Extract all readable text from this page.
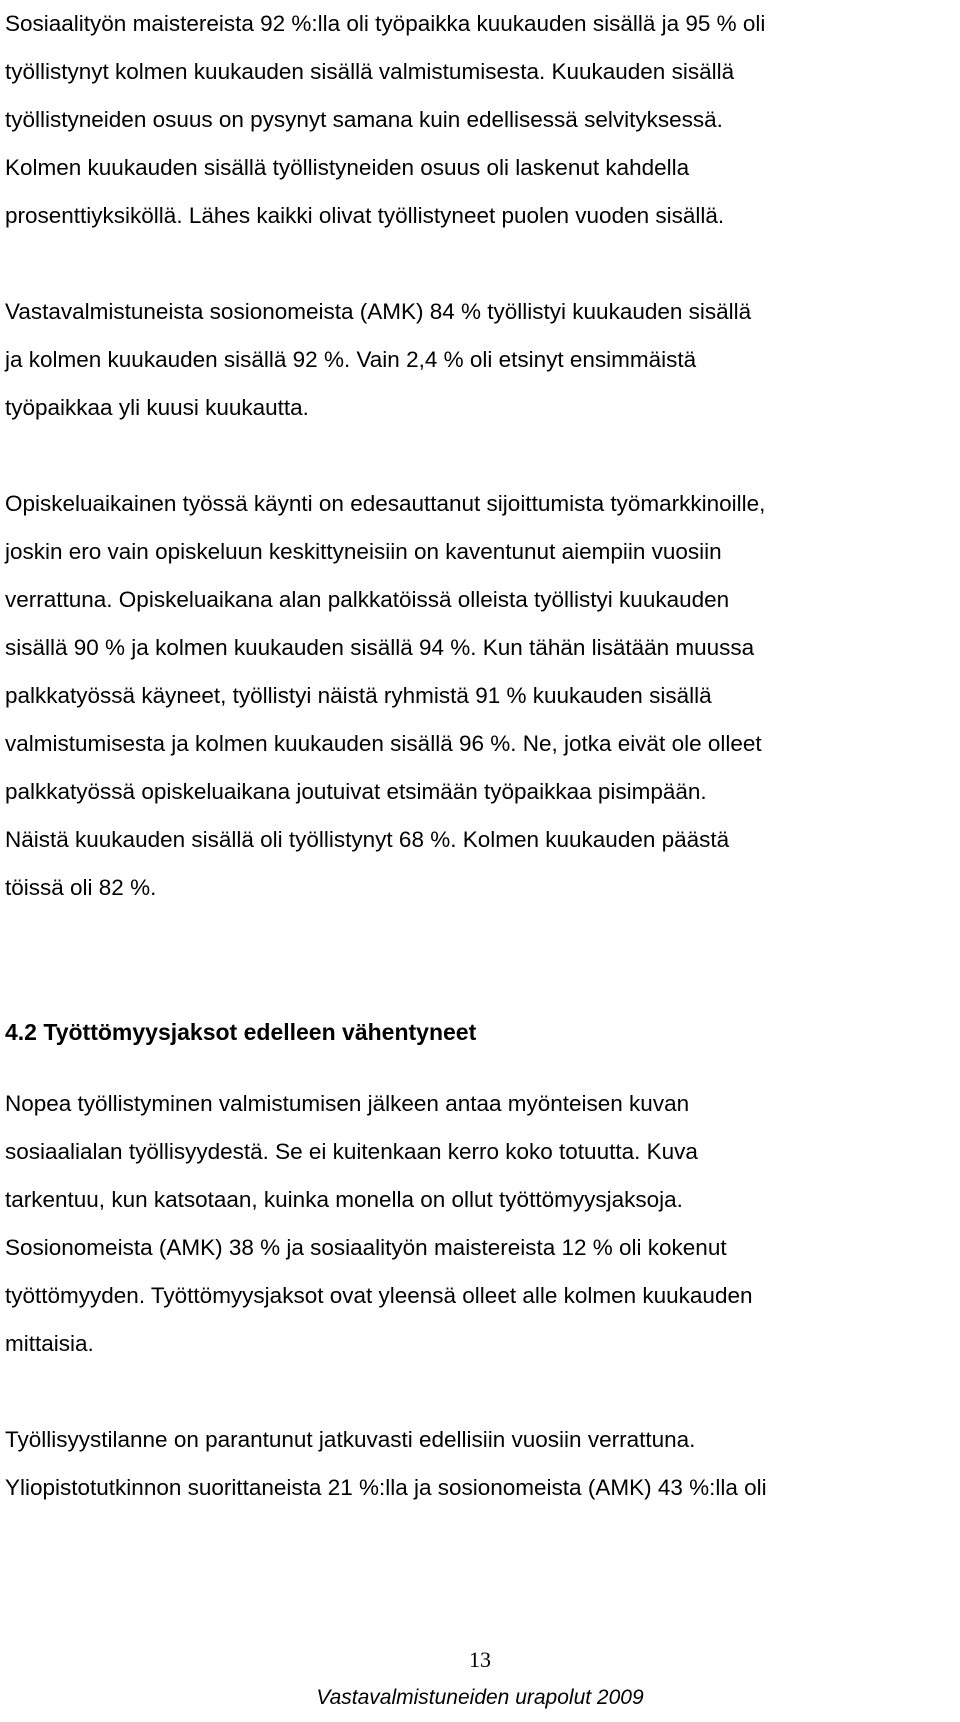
Sosiaalityön maistereista 92 %:lla oli työpaikka kuukauden sisällä ja 95 % oli

työllistynyt kolmen kuukauden sisällä valmistumisesta. Kuukauden sisällä

työllistyneiden osuus on pysynyt samana kuin edellisessä selvityksessä.

Kolmen kuukauden sisällä työllistyneiden osuus oli laskenut kahdella

prosenttiyksiköllä. Lähes kaikki olivat työllistyneet puolen vuoden sisällä.

Vastavalmistuneista sosionomeista (AMK) 84 % työllistyi kuukauden sisällä

ja kolmen kuukauden sisällä 92 %. Vain 2,4 % oli etsinyt ensimmäistä

työpaikkaa yli kuusi kuukautta.

Opiskeluaikainen työssä käynti on edesauttanut sijoittumista työmarkkinoille,

joskin ero vain opiskeluun keskittyneisiin on kaventunut aiempiin vuosiin

verrattuna. Opiskeluaikana alan palkkatöissä olleista työllistyi kuukauden

sisällä 90 % ja kolmen kuukauden sisällä 94 %. Kun tähän lisätään muussa

palkkatyössä käyneet, työllistyi näistä ryhmistä 91 % kuukauden sisällä

valmistumisesta ja kolmen kuukauden sisällä 96 %. Ne, jotka eivät ole olleet

palkkatyössä opiskeluaikana joutuivat etsimään työpaikkaa pisimpään.

Näistä kuukauden sisällä oli työllistynyt 68 %. Kolmen kuukauden päästä

töissä oli 82 %.

4.2 Työttömyysjaksot edelleen vähentyneet

Nopea työllistyminen valmistumisen jälkeen antaa myönteisen kuvan

sosiaalialan työllisyydestä. Se ei kuitenkaan kerro koko totuutta. Kuva

tarkentuu, kun katsotaan, kuinka monella on ollut työttömyysjaksoja.

Sosionomeista (AMK) 38 % ja sosiaalityön maistereista 12 % oli kokenut

työttömyyden. Työttömyysjaksot ovat yleensä olleet alle kolmen kuukauden

mittaisia.

Työllisyystilanne on parantunut jatkuvasti edellisiin vuosiin verrattuna.

Yliopistotutkinnon suorittaneista 21 %:lla ja sosionomeista (AMK) 43 %:lla oli

13
Vastavalmistuneiden urapolut 2009
